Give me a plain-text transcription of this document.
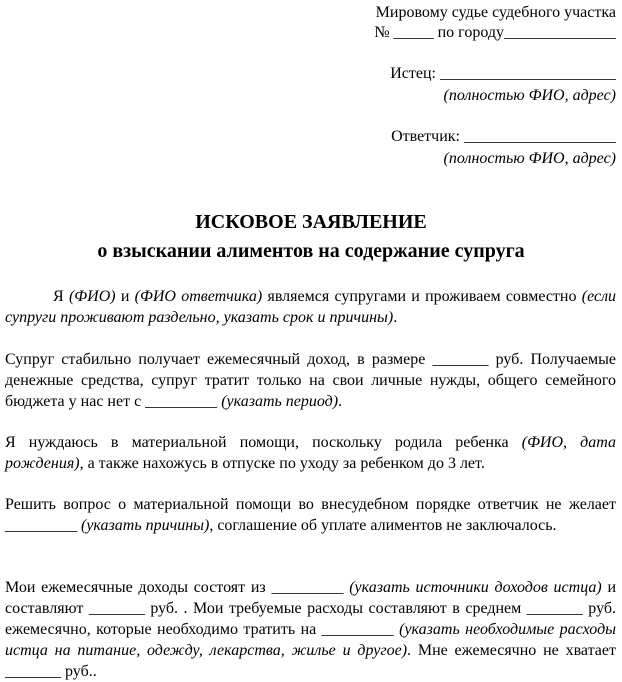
Мировому судье судебного участка
№ _____ по городу______________
Истец: ______________________
(полностью ФИО, адрес)
Ответчик: ___________________
(полностью ФИО, адрес)
ИСКОВОЕ ЗАЯВЛЕНИЕ
о взыскании алиментов на содержание супруга

Я (ФИО) и (ФИО ответчика) являемся супругами и проживаем совместно (если супруги проживают раздельно, указать срок и причины).

Супруг стабильно получает ежемесячный доход, в размере _______ руб. Получаемые денежные средства, супруг тратит только на свои личные нужды, общего семейного бюджета у нас нет с _________ (указать период).

Я нуждаюсь в материальной помощи, поскольку родила ребенка (ФИО, дата рождения), а также нахожусь в отпуске по уходу за ребенком до 3 лет.

Решить вопрос о материальной помощи во внесудебном порядке ответчик не желает _________ (указать причины), соглашение об уплате алиментов не заключалось.

Мои ежемесячные доходы состоят из _________ (указать источники доходов истца) и составляют _______ руб. . Мои требуемые расходы составляют в среднем _______ руб. ежемесячно, которые необходимо тратить на _________ (указать необходимые расходы истца на питание, одежду, лекарства, жилье и другое). Мне ежемесячно не хватает _______ руб..
